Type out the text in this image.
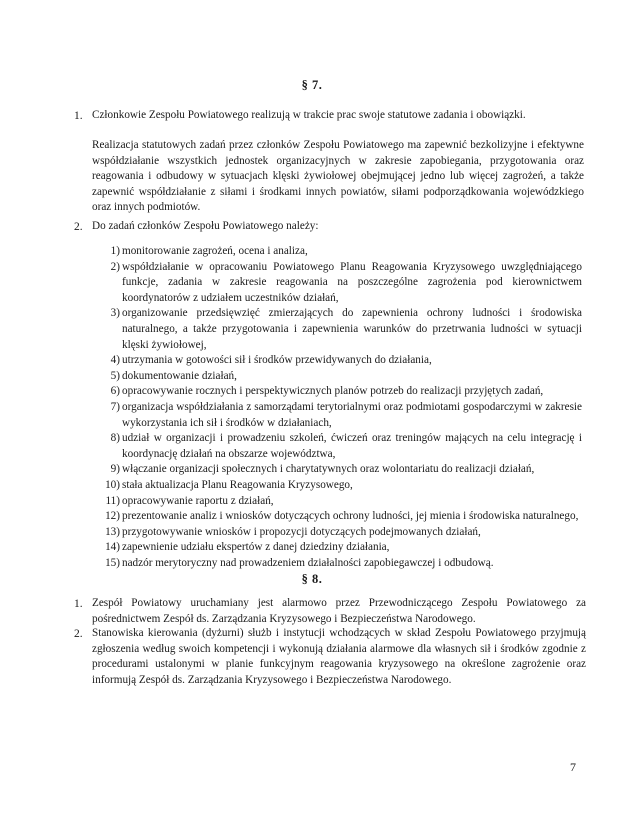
§ 7.
1. Członkowie Zespołu Powiatowego realizują w trakcie prac swoje statutowe zadania i obowiązki.

Realizacja statutowych zadań przez członków Zespołu Powiatowego ma zapewnić bezkolizyjne i efektywne współdziałanie wszystkich jednostek organizacyjnych w zakresie zapobiegania, przygotowania oraz reagowania i odbudowy w sytuacjach klęski żywiołowej obejmującej jedno lub więcej zagrożeń, a także zapewnić współdziałanie z siłami i środkami innych powiatów, siłami podporządkowania wojewódzkiego oraz innych podmiotów.

2. Do zadań członków Zespołu Powiatowego należy:

1) monitorowanie zagrożeń, ocena i analiza,
2) współdziałanie w opracowaniu Powiatowego Planu Reagowania Kryzysowego uwzględniającego funkcje, zadania w zakresie reagowania na poszczególne zagrożenia pod kierownictwem koordynatorów z udziałem uczestników działań,
3) organizowanie przedsięwzięć zmierzających do zapewnienia ochrony ludności i środowiska naturalnego, a także przygotowania i zapewnienia warunków do przetrwania ludności w sytuacji klęski żywiołowej,
4) utrzymania w gotowości sił i środków przewidywanych do działania,
5) dokumentowanie działań,
6) opracowywanie rocznych i perspektywicznych planów potrzeb do realizacji przyjętych zadań,
7) organizacja współdziałania z samorządami terytorialnymi oraz podmiotami gospodarczymi w zakresie wykorzystania ich sił i środków w działaniach,
8) udział w organizacji i prowadzeniu szkoleń, ćwiczeń oraz treningów mających na celu integrację i koordynację działań na obszarze województwa,
9) włączanie organizacji społecznych i charytatywnych oraz wolontariatu do realizacji działań,
10) stała aktualizacja Planu Reagowania Kryzysowego,
11) opracowywanie raportu z działań,
12) prezentowanie analiz i wniosków dotyczących ochrony ludności, jej mienia i środowiska naturalnego,
13) przygotowywanie wniosków i propozycji dotyczących podejmowanych działań,
14) zapewnienie udziału ekspertów z danej dziedziny działania,
15) nadzór merytoryczny nad prowadzeniem działalności zapobiegawczej i odbudową.
§ 8.
1. Zespół Powiatowy uruchamiany jest alarmowo przez Przewodniczącego Zespołu Powiatowego za pośrednictwem Zespół ds. Zarządzania Kryzysowego i Bezpieczeństwa Narodowego.

2. Stanowiska kierowania (dyżurni) służb i instytucji wchodzących w skład Zespołu Powiatowego przyjmują zgłoszenia według swoich kompetencji i wykonują działania alarmowe dla własnych sił i środków zgodnie z procedurami ustalonymi w planie funkcyjnym reagowania kryzysowego na określone zagrożenie oraz informują Zespół ds. Zarządzania Kryzysowego i Bezpieczeństwa Narodowego.

7
